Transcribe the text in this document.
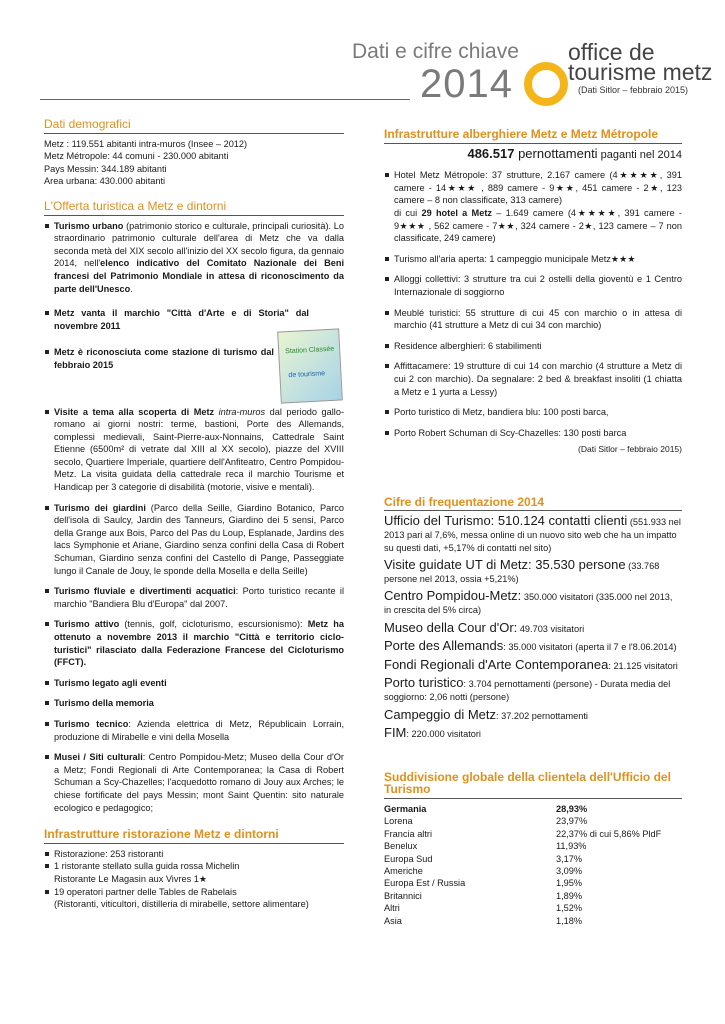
Dati e cifre chiave
2014
office de tourisme metz
(Dati Sitlor – febbraio 2015)
Dati demografici
Metz : 119.551 abitanti intra-muros (Insee – 2012)
Metz Métropole: 44 comuni - 230.000 abitanti
Pays Messin: 344.189 abitanti
Area urbana: 430.000 abitanti
L'Offerta turistica a Metz e dintorni
Turismo urbano (patrimonio storico e culturale, principali curiosità). Lo straordinario patrimonio culturale dell'area di Metz che va dalla seconda metà del XIX secolo all'inizio del XX secolo figura, da gennaio 2014, nell'elenco indicativo del Comitato Nazionale dei Beni francesi del Patrimonio Mondiale in attesa di riconoscimento da parte dell'Unesco.
Metz vanta il marchio "Città d'Arte e di Storia" dal novembre 2011
Metz è riconosciuta come stazione di turismo dal febbraio 2015
Visite a tema alla scoperta di Metz intra-muros dal periodo gallo-romano ai giorni nostri: terme, bastioni, Porte des Allemands, complessi medievali, Saint-Pierre-aux-Nonnains, Cattedrale Saint Etienne (6500m² di vetrate dal XIII al XX secolo), piazze del XVIII secolo, Quartiere Imperiale, quartiere dell'Anfiteatro, Centro Pompidou-Metz. La visita guidata della cattedrale reca il marchio Tourisme et Handicap per 3 categorie di disabilità (motorie, visive e mentali).
Turismo dei giardini (Parco della Seille, Giardino Botanico, Parco dell'isola di Saulcy, Jardin des Tanneurs, Giardino dei 5 sensi, Parco della Grange aux Bois, Parco del Pas du Loup, Esplanade, Jardins des lacs Symphonie et Ariane, Giardino senza confini della Casa di Robert Schuman, Giardino senza confini del Castello di Pange, Passeggiate lungo il Canale de Jouy, le sponde della Mosella e della Seille)
Turismo fluviale e divertimenti acquatici: Porto turistico recante il marchio "Bandiera Blu d'Europa" dal 2007.
Turismo attivo (tennis, golf, cicloturismo, escursionismo): Metz ha ottenuto a novembre 2013 il marchio "Città e territorio ciclo-turistici" rilasciato dalla Federazione Francese del Cicloturismo (FFCT).
Turismo legato agli eventi
Turismo della memoria
Turismo tecnico: Azienda elettrica di Metz, Républicain Lorrain, produzione di Mirabelle e vini della Mosella
Musei / Siti culturali: Centro Pompidou-Metz; Museo della Cour d'Or a Metz; Fondi Regionali di Arte Contemporanea; la Casa di Robert Schuman a Scy-Chazelles; l'acquedotto romano di Jouy aux Arches; le chiese fortificate del pays Messin; mont Saint Quentin: sito naturale ecologico e pedagogico;
Infrastrutture ristorazione Metz e dintorni
Ristorazione: 253 ristoranti
1 ristorante stellato sulla guida rossa Michelin
Ristorante Le Magasin aux Vivres 1★
19 operatori partner delle Tables de Rabelais
(Ristoranti, viticultori, distilleria di mirabelle, settore alimentare)
Station Classée
de tourisme
Infrastrutture alberghiere Metz e Metz Métropole
486.517 pernottamenti paganti nel 2014
Hotel Metz Métropole: 37 strutture, 2.167 camere (4★★★★, 391 camere - 14★★★ , 889 camere - 9★★, 451 camere - 2★, 123 camere – 8 non classificate, 313 camere)
di cui 29 hotel a Metz – 1.649 camere (4★★★★, 391 camere - 9★★★ , 562 camere - 7★★, 324 camere - 2★, 123 camere – 7 non classificate, 249 camere)
Turismo all'aria aperta: 1 campeggio municipale Metz★★★
Alloggi collettivi: 3 strutture tra cui 2 ostelli della gioventù e 1 Centro Internazionale di soggiorno
Meublé turistici: 55 strutture di cui 45 con marchio o in attesa di marchio (41 strutture a Metz di cui 34 con marchio)
Residence alberghieri: 6 stabilimenti
Affittacamere: 19 strutture di cui 14 con marchio (4 strutture a Metz di cui 2 con marchio). Da segnalare: 2 bed & breakfast insoliti (1 chiatta a Metz e 1 yurta a Lessy)
Porto turistico di Metz, bandiera blu: 100 posti barca,
Porto Robert Schuman di Scy-Chazelles: 130 posti barca
(Dati Sitlor – febbraio 2015)
Cifre di frequentazione 2014

Ufficio del Turismo: 510.124 contatti clienti (551.933 nel 2013 pari al 7,6%, messa online di un nuovo sito web che ha un impatto su questi dati, +5,17% di contatti nel sito)

Visite guidate UT di Metz: 35.530 persone (33.768 persone nel 2013, ossia +5,21%)

Centro Pompidou-Metz: 350.000 visitatori (335.000 nel 2013, in crescita del 5% circa)

Museo della Cour d'Or: 49.703 visitatori

Porte des Allemands: 35.000 visitatori (aperta il 7 e l'8.06.2014)

Fondi Regionali d'Arte Contemporanea: 21.125 visitatori

Porto turistico: 3.704 pernottamenti (persone) - Durata media del soggiorno: 2,06 notti (persone)

Campeggio di Metz: 37.202 pernottamenti

FIM: 220.000 visitatori

Suddivisione globale della clientela dell'Ufficio del Turismo
Germania	28,93%
Lorena	23,97%
Francia altri	22,37% di cui 5,86% PldF
Benelux	11,93%
Europa Sud	3,17%
Americhe	3,09%
Europa Est / Russia	1,95%
Britannici	1,89%
Altri	1,52%
Asia	1,18%
